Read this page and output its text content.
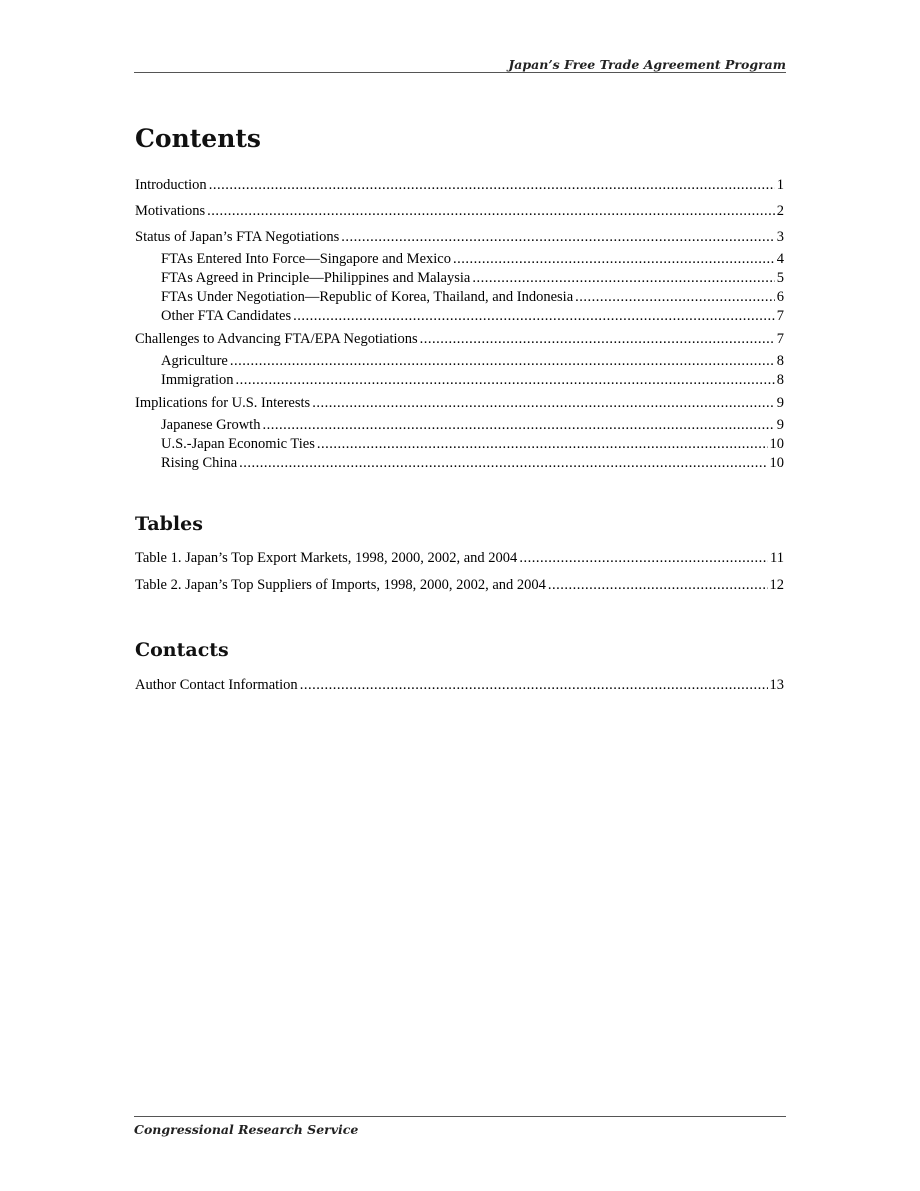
Japan’s Free Trade Agreement Program
Contents
Introduction .....	1
Motivations .....	2
Status of Japan’s FTA Negotiations .....	3
FTAs Entered Into Force—Singapore and Mexico .....	4
FTAs Agreed in Principle—Philippines and Malaysia .....	5
FTAs Under Negotiation—Republic of Korea, Thailand, and Indonesia .....	6
Other FTA Candidates .....	7
Challenges to Advancing FTA/EPA Negotiations .....	7
Agriculture .....	8
Immigration .....	8
Implications for U.S. Interests .....	9
Japanese Growth .....	9
U.S.-Japan Economic Ties .....	10
Rising China .....	10
Tables
Table 1. Japan’s Top Export Markets, 1998, 2000, 2002, and 2004 .....	11
Table 2. Japan’s Top Suppliers of Imports, 1998, 2000, 2002, and 2004 .....	12
Contacts
Author Contact Information .....	13
Congressional Research Service
